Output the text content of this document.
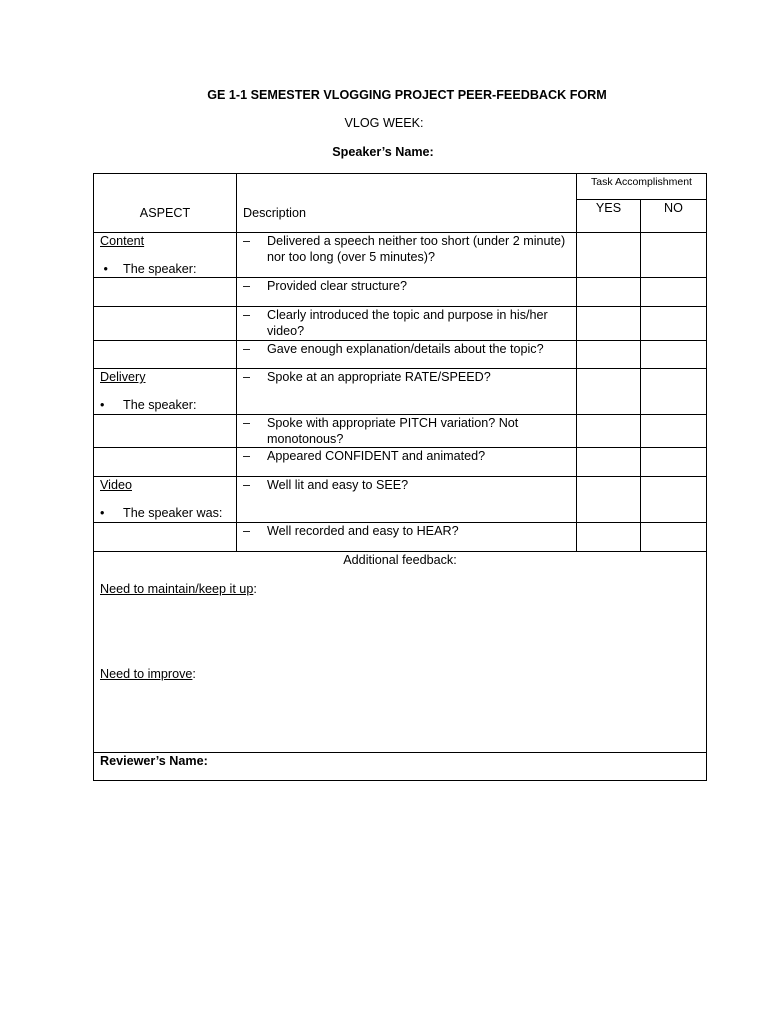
GE 1-1 SEMESTER VLOGGING PROJECT PEER-FEEDBACK FORM
VLOG WEEK:
Speaker’s Name:
ASPECT	Description	Task Accomplishment	
		YES	NO
Content
• The speaker:	– Delivered a speech neither too short (under 2 minute) nor too long (over 5 minutes)?		

	– Provided clear structure?		

	– Clearly introduced the topic and purpose in his/her video?		

	– Gave enough explanation/details about the topic?		

Delivery
• The speaker:	– Spoke at an appropriate RATE/SPEED?		

	– Spoke with appropriate PITCH variation? Not monotonous?		

	– Appeared CONFIDENT and animated?		

Video
• The speaker was:	– Well lit and easy to SEE?		

	– Well recorded and easy to HEAR?		

Additional feedback:
Need to maintain/keep it up:
Need to improve:			

Reviewer’s Name:			
